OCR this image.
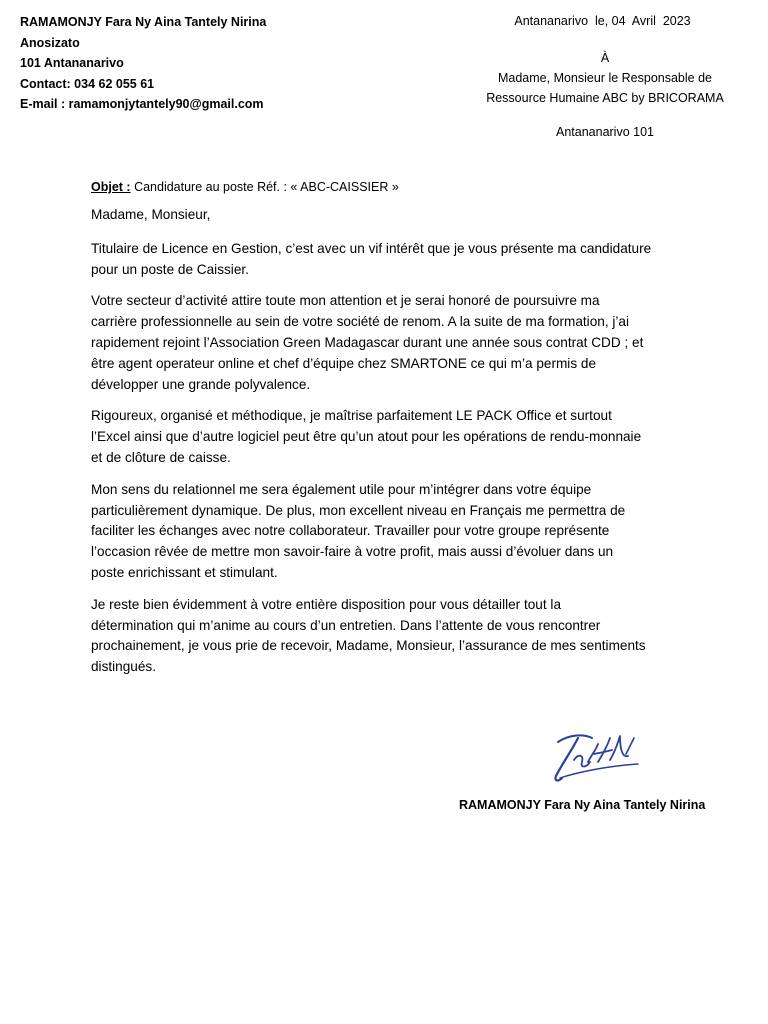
RAMAMONJY Fara Ny Aina Tantely Nirina
Anosizato
101 Antananarivo
Contact: 034 62 055 61
E-mail : ramamonjytantely90@gmail.com
Antananarivo  le, 04  Avril  2023
À
Madame, Monsieur le Responsable de
Ressource Humaine ABC by BRICORAMA
Antananarivo 101
Objet : Candidature au poste Réf. : « ABC-CAISSIER »

Madame, Monsieur,

Titulaire de Licence en Gestion, c’est avec un vif intérêt que je vous présente ma candidature
pour un poste de Caissier.

Votre secteur d’activité attire toute mon attention et je serai honoré de poursuivre ma
carrière professionnelle au sein de votre société de renom. A la suite de ma formation, j’ai
rapidement rejoint l’Association Green Madagascar durant une année sous contrat CDD ; et
être agent operateur online et chef d’équipe chez SMARTONE ce qui m’a permis de
développer une grande polyvalence.

Rigoureux, organisé et méthodique, je maîtrise parfaitement LE PACK Office et surtout
l’Excel ainsi que d’autre logiciel peut être qu’un atout pour les opérations de rendu-monnaie
et de clôture de caisse.

Mon sens du relationnel me sera également utile pour m’intégrer dans votre équipe
particulièrement dynamique. De plus, mon excellent niveau en Français me permettra de
faciliter les échanges avec notre collaborateur. Travailler pour votre groupe représente
l’occasion rêvée de mettre mon savoir-faire à votre profit, mais aussi d’évoluer dans un
poste enrichissant et stimulant.

Je reste bien évidemment à votre entière disposition pour vous détailler tout la
détermination qui m’anime au cours d’un entretien. Dans l’attente de vous rencontrer
prochainement, je vous prie de recevoir, Madame, Monsieur, l’assurance de mes sentiments
distingués.

RAMAMONJY Fara Ny Aina Tantely Nirina
